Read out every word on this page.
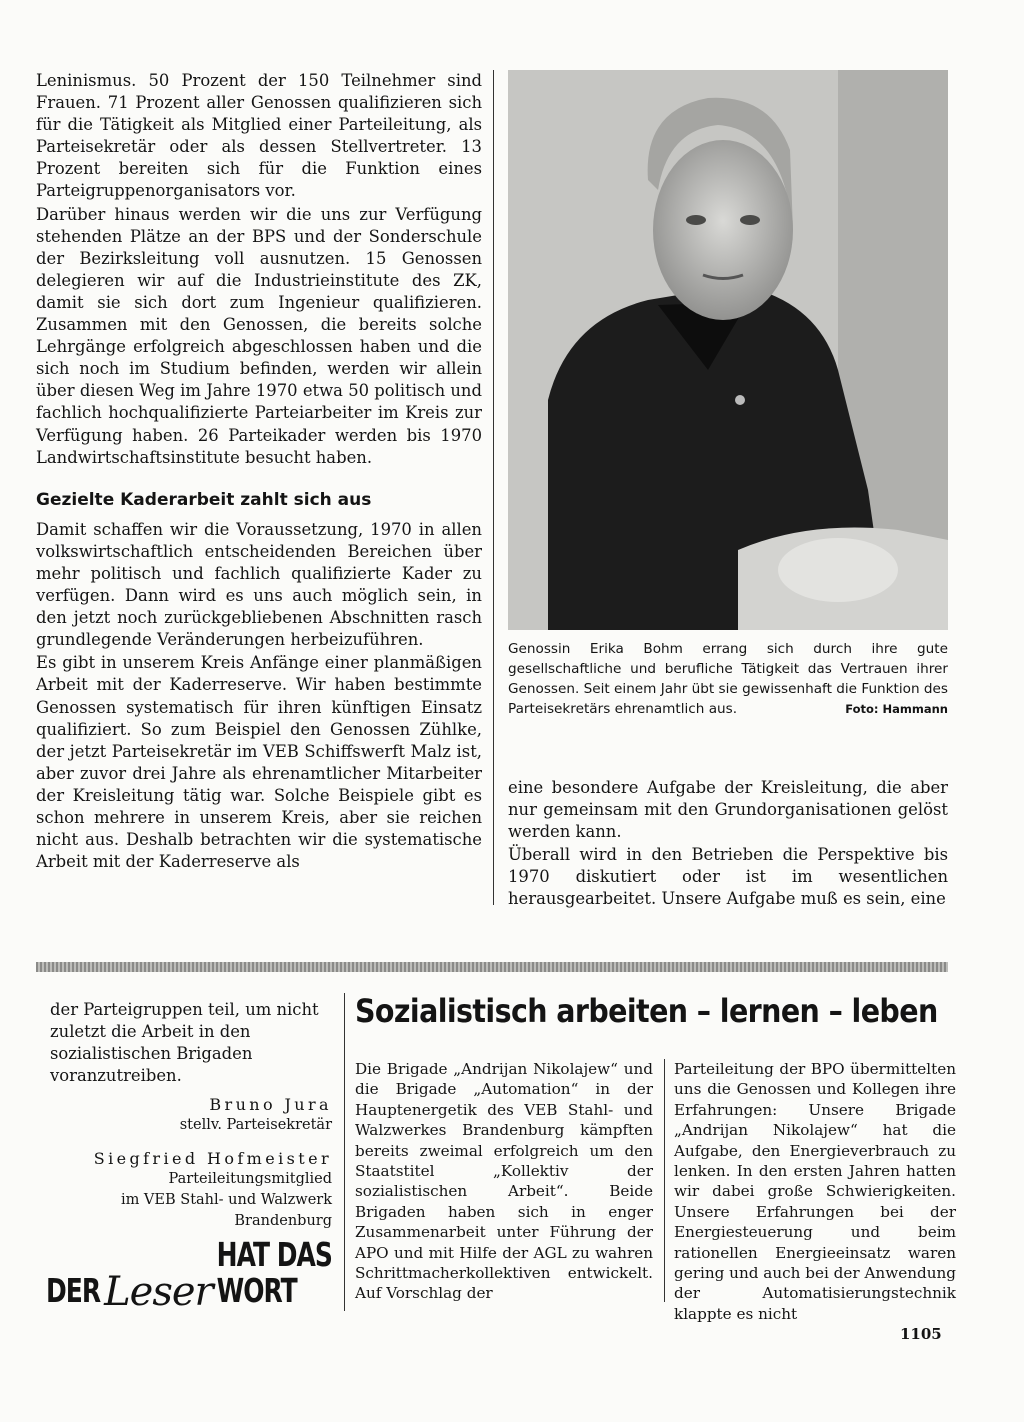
Leninismus. 50 Prozent der 150 Teilnehmer sind Frauen. 71 Prozent aller Genossen qualifizieren sich für die Tätigkeit als Mitglied einer Parteileitung, als Parteisekretär oder als dessen Stellvertreter. 13 Prozent bereiten sich für die Funktion eines Parteigruppenorganisators vor.

Darüber hinaus werden wir die uns zur Verfügung stehenden Plätze an der BPS und der Sonderschule der Bezirksleitung voll ausnutzen. 15 Genossen delegieren wir auf die Industrieinstitute des ZK, damit sie sich dort zum Ingenieur qualifizieren. Zusammen mit den Genossen, die bereits solche Lehrgänge erfolgreich abgeschlossen haben und die sich noch im Studium befinden, werden wir allein über diesen Weg im Jahre 1970 etwa 50 politisch und fachlich hochqualifizierte Parteiarbeiter im Kreis zur Verfügung haben. 26 Parteikader werden bis 1970 Landwirtschaftsinstitute besucht haben.

Gezielte Kaderarbeit zahlt sich aus

Damit schaffen wir die Voraussetzung, 1970 in allen volkswirtschaftlich entscheidenden Bereichen über mehr politisch und fachlich qualifizierte Kader zu verfügen. Dann wird es uns auch möglich sein, in den jetzt noch zurückgebliebenen Abschnitten rasch grundlegende Veränderungen herbeizuführen.

Es gibt in unserem Kreis Anfänge einer planmäßigen Arbeit mit der Kaderreserve. Wir haben bestimmte Genossen systematisch für ihren künftigen Einsatz qualifiziert. So zum Beispiel den Genossen Zühlke, der jetzt Parteisekretär im VEB Schiffswerft Malz ist, aber zuvor drei Jahre als ehrenamtlicher Mitarbeiter der Kreisleitung tätig war. Solche Beispiele gibt es schon mehrere in unserem Kreis, aber sie reichen nicht aus. Deshalb betrachten wir die systematische Arbeit mit der Kaderreserve als

Genossin Erika Bohm errang sich durch ihre gute gesellschaftliche und berufliche Tätigkeit das Vertrauen ihrer Genossen. Seit einem Jahr übt sie gewissenhaft die Funktion des Parteisekretärs ehrenamtlich aus.	Foto: Hammann

eine besondere Aufgabe der Kreisleitung, die aber nur gemeinsam mit den Grundorganisationen gelöst werden kann.

Überall wird in den Betrieben die Perspektive bis 1970 diskutiert oder ist im wesentlichen herausgearbeitet. Unsere Aufgabe muß es sein, eine

der Parteigruppen teil, um nicht zuletzt die Arbeit in den sozialistischen Brigaden voranzutreiben.

Bruno Jura
stellv. Parteisekretär
Siegfried Hofmeister
Parteileitungsmitglied
im VEB Stahl- und Walzwerk
Brandenburg
DER Leser
HAT DAS WORT
Sozialistisch arbeiten – lernen – leben

Die Brigade „Andrijan Nikolajew“ und die Brigade „Automation“ in der Hauptenergetik des VEB Stahl- und Walzwerkes Brandenburg kämpften bereits zweimal erfolgreich um den Staatstitel „Kollektiv der sozialistischen Arbeit“. Beide Brigaden haben sich in enger Zusammenarbeit unter Führung der APO und mit Hilfe der AGL zu wahren Schrittmacherkollektiven entwickelt. Auf Vorschlag der

Parteileitung der BPO übermittelten uns die Genossen und Kollegen ihre Erfahrungen: Unsere Brigade „Andrijan Nikolajew“ hat die Aufgabe, den Energieverbrauch zu lenken. In den ersten Jahren hatten wir dabei große Schwierigkeiten. Unsere Erfahrungen bei der Energiesteuerung und beim rationellen Energieeinsatz waren gering und auch bei der Anwendung der Automatisierungstechnik klappte es nicht

1105
